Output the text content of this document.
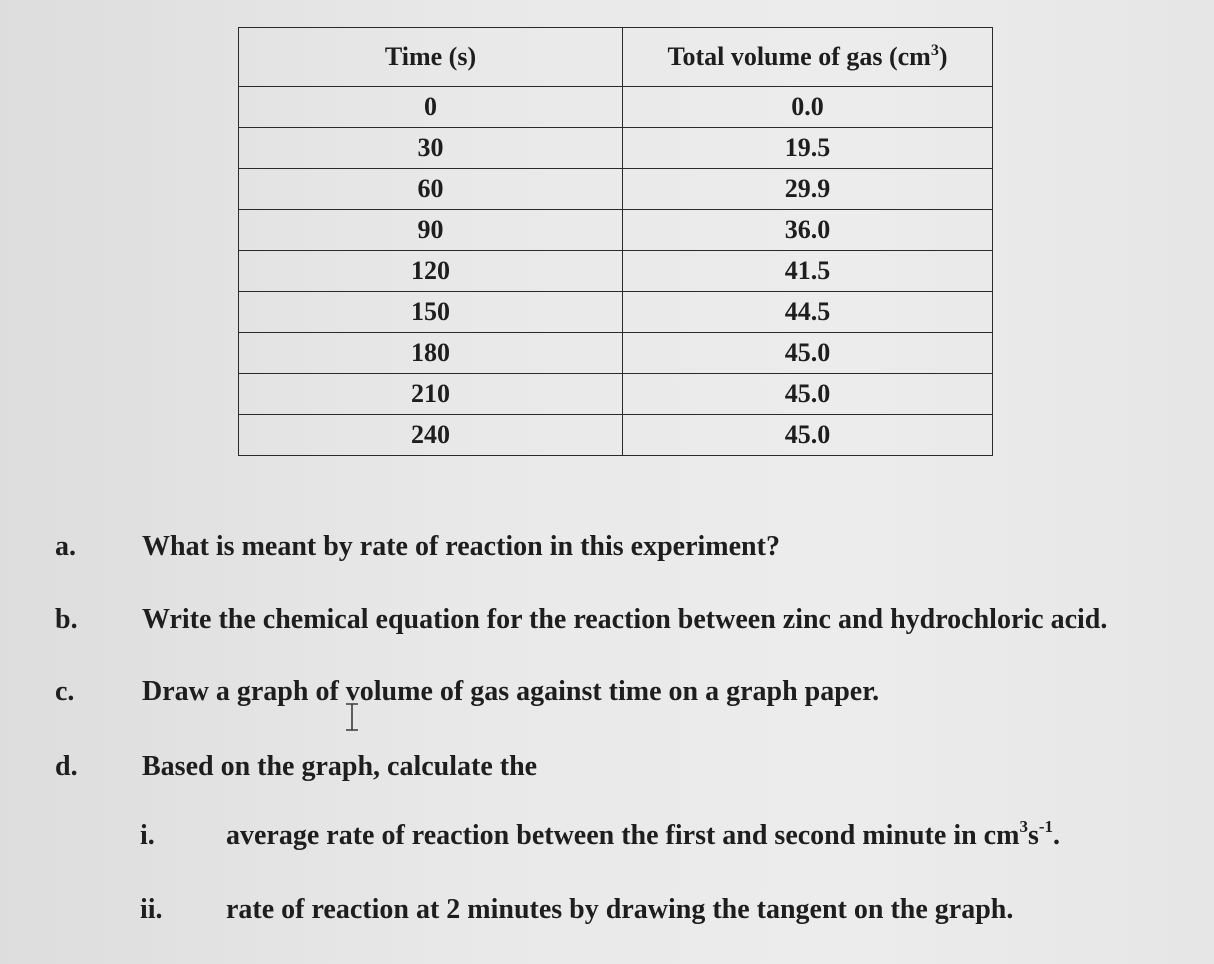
Time (s)	Total volume of gas $(cm^3)$
0	0.0
30	19.5
60	29.9
90	36.0
120	41.5
150	44.5
180	45.0
210	45.0
240	45.0
a. What is meant by rate of reaction in this experiment?
b. Write the chemical equation for the reaction between zinc and hydrochloric acid.
c. Draw a graph of volume of gas against time on a graph paper.
d. Based on the graph, calculate the
i.	average rate of reaction between the first and second minute in $cm^3s^{-1}$.
ii. rate of reaction at 2 minutes by drawing the tangent on the graph.
